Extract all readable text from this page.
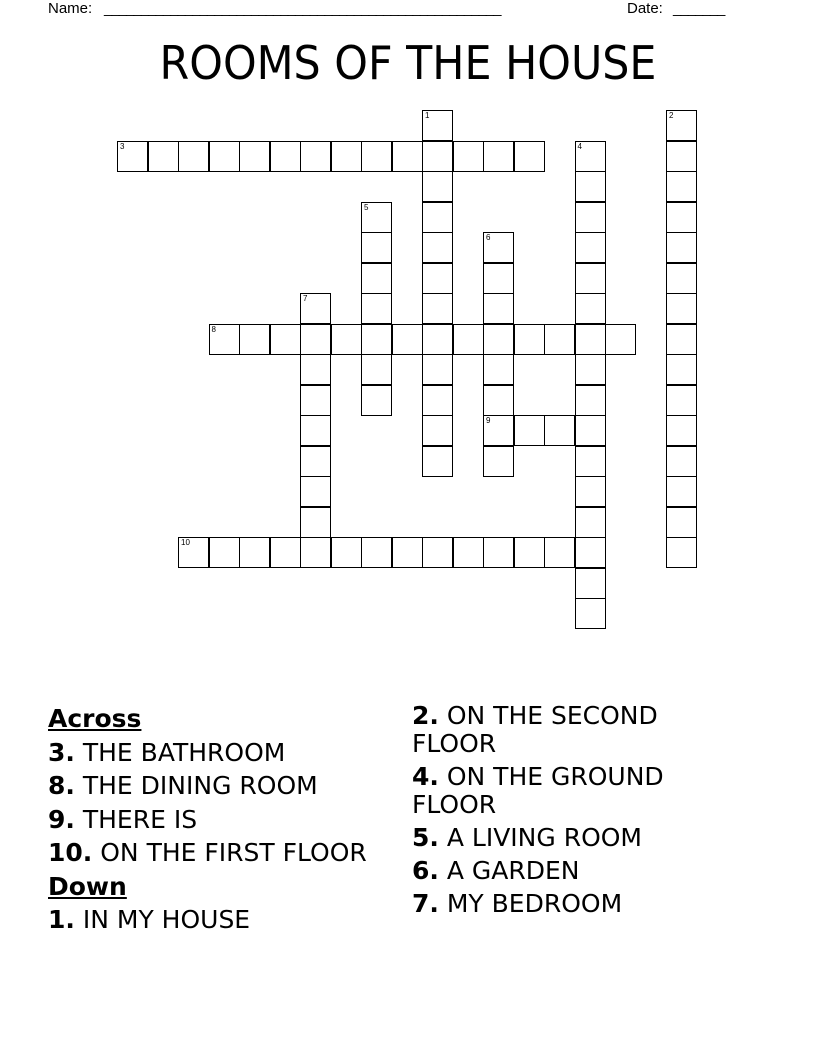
Name: ______________________________________________________	Date: _______
ROOMS OF THE HOUSE
1	2
3	4
5
6
9
7
8
10
Across
3. THE BATHROOM
8. THE DINING ROOM
9. THERE IS
10. ON THE FIRST FLOOR
Down
1. IN MY HOUSE
2. ON THE SECOND FLOOR
4. ON THE GROUND FLOOR
5. A LIVING ROOM
6. A GARDEN
7. MY BEDROOM
